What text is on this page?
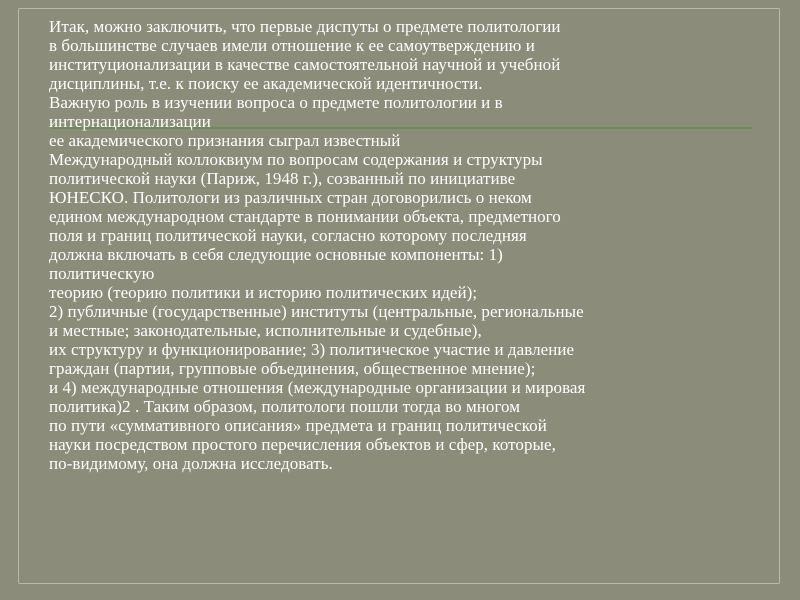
Итак, можно заключить, что первые диспуты о предмете политологии
в большинстве случаев имели отношение к ее самоутверждению и
институционализации в качестве самостоятельной научной и учебной
дисциплины, т.е. к поиску ее академической идентичности.
Важную роль в изучении вопроса о предмете политологии и в
интернационализации
ее академического признания сыграл известный
Международный коллоквиум по вопросам содержания и структуры
политической науки (Париж, 1948 г.), созванный по инициативе
ЮНЕСКО. Политологи из различных стран договорились о неком
едином международном стандарте в понимании объекта, предметного
поля и границ политической науки, согласно которому последняя
должна включать в себя следующие основные компоненты: 1)
политическую
теорию (теорию политики и историю политических идей);
2) публичные (государственные) институты (центральные, региональные
и местные; законодательные, исполнительные и судебные),
их структуру и функционирование; 3) политическое участие и давление
граждан (партии, групповые объединения, общественное мнение);
и 4) международные отношения (международные организации и мировая
политика)2 . Таким образом, политологи пошли тогда во многом
по пути «суммативного описания» предмета и границ политической
науки посредством простого перечисления объектов и сфер, которые,
по-видимому, она должна исследовать.
